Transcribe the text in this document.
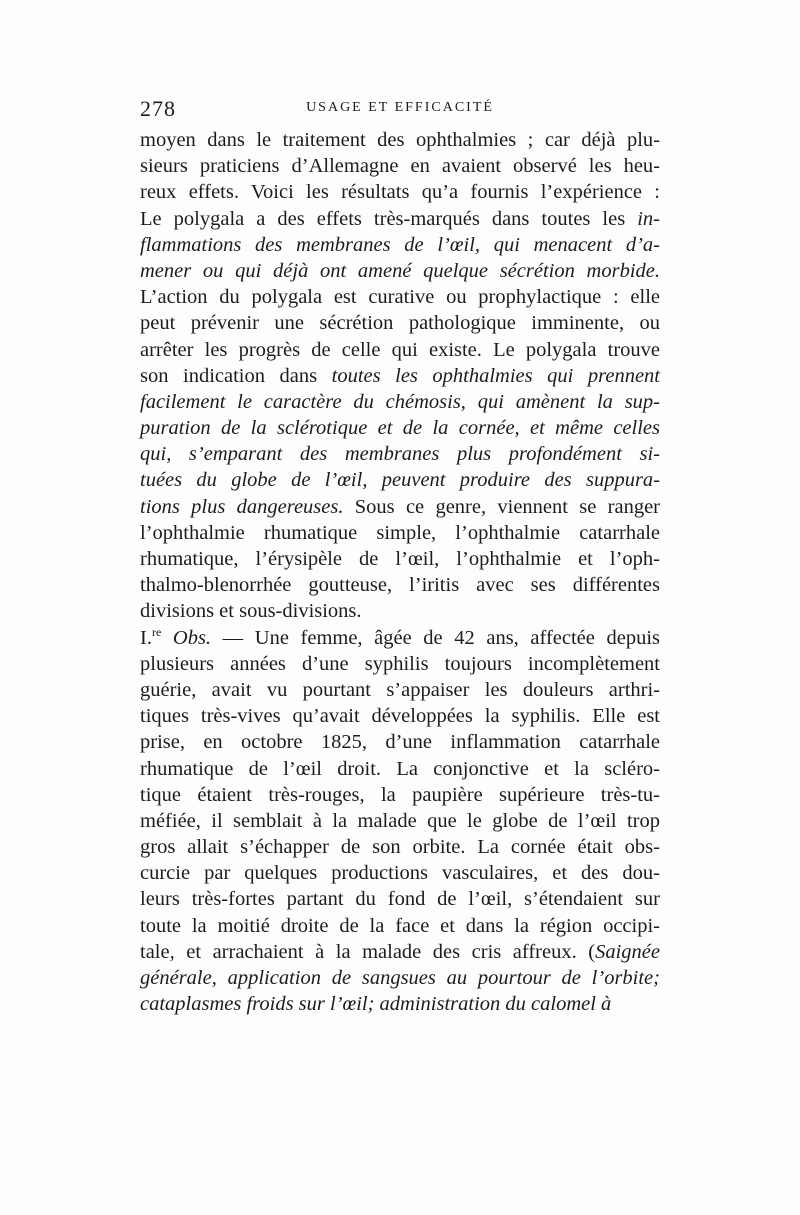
278	USAGE ET EFFICACITÉ
moyen dans le traitement des ophthalmies ; car déjà plu-
sieurs praticiens d’Allemagne en avaient observé les heu-
reux effets. Voici les résultats qu’a fournis l’expérience :
Le polygala a des effets très-marqués dans toutes les in-
flammations des membranes de l’œil, qui menacent d’a-
mener ou qui déjà ont amené quelque sécrétion morbide.
L’action du polygala est curative ou prophylactique : elle
peut prévenir une sécrétion pathologique imminente, ou
arrêter les progrès de celle qui existe. Le polygala trouve
son indication dans toutes les ophthalmies qui prennent
facilement le caractère du chémosis, qui amènent la sup-
puration de la sclérotique et de la cornée, et même celles
qui, s’emparant des membranes plus profondément si-
tuées du globe de l’œil, peuvent produire des suppura-
tions plus dangereuses. Sous ce genre, viennent se ranger
l’ophthalmie rhumatique simple, l’ophthalmie catarrhale
rhumatique, l’érysipèle de l’œil, l’ophthalmie et l’oph-
thalmo-blenorrhée goutteuse, l’iritis avec ses différentes
divisions et sous-divisions.
I.$^{re}$ Obs. — Une femme, âgée de 42 ans, affectée depuis
plusieurs années d’une syphilis toujours incomplètement
guérie, avait vu pourtant s’appaiser les douleurs arthri-
tiques très-vives qu’avait développées la syphilis. Elle est
prise, en octobre 1825, d’une inflammation catarrhale
rhumatique de l’œil droit. La conjonctive et la scléro-
tique étaient très-rouges, la paupière supérieure très-tu-
méfiée, il semblait à la malade que le globe de l’œil trop
gros allait s’échapper de son orbite. La cornée était obs-
curcie par quelques productions vasculaires, et des dou-
leurs très-fortes partant du fond de l’œil, s’étendaient sur
toute la moitié droite de la face et dans la région occipi-
tale, et arrachaient à la malade des cris affreux. (Saignée
générale, application de sangsues au pourtour de l’orbite;
cataplasmes froids sur l’œil; administration du calomel à
